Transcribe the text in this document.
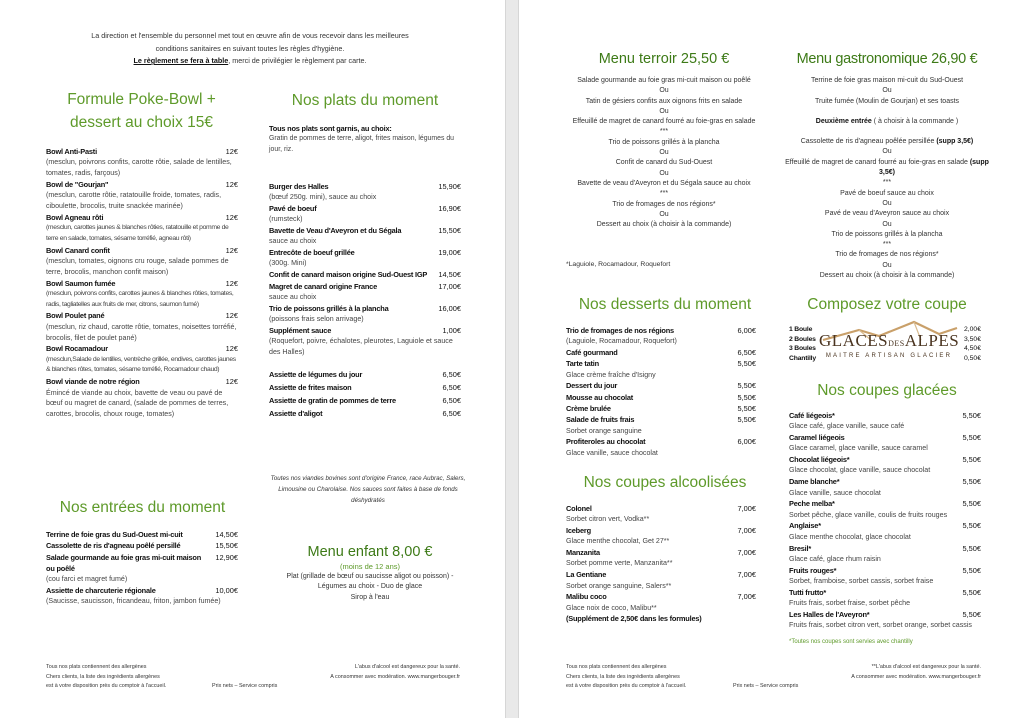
La direction et l'ensemble du personnel met tout en œuvre afin de vous recevoir dans les meilleures
conditions sanitaires en suivant toutes les règles d'hygiène.
Le règlement se fera à table, merci de privilégier le règlement par carte.
Formule Poke-Bowl +
dessert au choix 15€
Bowl Anti-Pasti	12€
(mesclun, poivrons confits, carotte rôtie, salade de lentilles, tomates, radis, farçous)
Bowl de "Gourjan"	12€
(mesclun, carotte rôtie, ratatouille froide, tomates, radis, ciboulette, brocolis, truite snackée marinée)
Bowl Agneau rôti	12€
(mesclun, carottes jaunes & blanches rôties, ratatouille et pomme de terre en salade, tomates, sésame torréfié, agneau rôti)
Bowl Canard confit	12€
(mesclun, tomates, oignons cru rouge, salade pommes de terre, brocolis, manchon confit maison)
Bowl Saumon fumée	12€
(mesclun, poivrons confits, carottes jaunes & blanches rôties, tomates, radis, tagliatelles aux fruits de mer, citrons, saumon fumé)
Bowl Poulet pané	12€
(mesclun, riz chaud, carotte rôtie, tomates, noisettes torréfié, brocolis, filet de poulet pané)
Bowl Rocamadour	12€
(mesclun,Salade de lentilles, ventrèche grillée, endives, carottes jaunes & blanches rôtes, tomates, sésame torréfié, Rocamadour chaud)
Bowl viande de notre région	12€
Émincé de viande au choix, bavette de veau ou pavé de bœuf ou magret de canard, (salade de pommes de terres, carottes, brocolis, choux rouge, tomates)
Nos plats du moment
Tous nos plats sont garnis, au choix:
Gratin de pommes de terre, aligot, frites maison, légumes du jour, riz.
Burger des Halles	15,90€
(bœuf 250g. mini), sauce au choix
Pavé de boeuf	16,90€
(rumsteck)
Bavette de Veau d'Aveyron et du Ségala	15,50€
sauce au choix
Entrecôte de boeuf grillée	19,00€
(300g. Mini)
Confit de canard maison origine Sud-Ouest IGP	14,50€
Magret de canard origine France	17,00€
sauce au choix
Trio de poissons grillés à la plancha	16,00€
(poissons frais selon arrivage)
Supplément sauce	1,00€
(Roquefort, poivre, échalotes, pleurotes, Laguiole et sauce des Halles)
Assiette de légumes du jour	6,50€
Assiette de frites maison	6,50€
Assiette de gratin de pommes de terre	6,50€
Assiette d'aligot	6,50€
Toutes nos viandes bovines sont d'origine France, race Aubrac, Salers, Limousine ou Charolaise. Nos sauces sont faites à base de fonds déshydratés
Nos entrées du moment
Terrine de foie gras du Sud-Ouest mi-cuit	14,50€
Cassolette de ris d'agneau poêlé persillé	15,50€
Salade gourmande au foie gras mi-cuit maison ou poêlé
12,90€
(cou farci et magret fumé)
Assiette de charcuterie régionale	10,00€
(Saucisse, saucisson, fricandeau, friton, jambon fumée)
Menu enfant 8,00 €
(moins de 12 ans)
Plat (grillade de bœuf ou saucisse aligot ou poisson) -
Légumes au choix - Duo de glace
Sirop à l'eau
Tous nos plats contiennent des allergènes
Chers clients, la liste des ingrédients allergènes
est à votre disposition près du comptoir à l'accueil.	Prix nets – Service compris
L'abus d'alcool est dangereux pour la santé.
A consommer avec modération. www.mangerbouger.fr
Menu terroir 25,50 €
Salade gourmande au foie gras mi-cuit maison ou poêlé
Ou
Tatin de gésiers confits aux oignons frits en salade
Ou
Effeuillé de magret de canard fourré au foie-gras en salade
***
Trio de poissons grillés à la plancha
Ou
Confit de canard du Sud-Ouest
Ou
Bavette de veau d'Aveyron et du Ségala sauce au choix
***
Trio de fromages de nos régions*
Ou
Dessert au choix (à choisir à la commande)
*Laguiole, Rocamadour, Roquefort
Menu gastronomique 26,90 €
Terrine de foie gras maison mi-cuit du Sud-Ouest
Ou
Truite fumée (Moulin de Gourjan) et ses toasts
Deuxième entrée ( à choisir à la commande )
Cassolette de ris d'agneau poêlée persillée (supp 3,5€)
Ou
Effeuillé de magret de canard fourré au foie-gras en salade (supp 3,5€)
***
Pavé de boeuf sauce au choix
Ou
Pavé de veau d'Aveyron sauce au choix
Ou
Trio de poissons grillés à la plancha
***
Trio de fromages de nos régions*
Ou
Dessert au choix (à choisir à la commande)
Nos desserts du moment
Trio de fromages de nos régions	6,00€
(Laguiole, Rocamadour, Roquefort)
Café gourmand	6,50€
Tarte tatin	5,50€
Glace crème fraîche d'Isigny
Dessert du jour	5,50€
Mousse au chocolat	5,50€
Crème brulée	5,50€
Salade de fruits frais	5,50€
Sorbet orange sanguine
Profiteroles au chocolat	6,00€
Glace vanille, sauce chocolat
Nos coupes alcoolisées
Colonel	7,00€
Sorbet citron vert, Vodka**
Iceberg	7,00€
Glace menthe chocolat, Get 27**
Manzanita	7,00€
Sorbet pomme verte, Manzanita**
La Gentiane	7,00€
Sorbet orange sanguine, Salers**
Malibu coco	7,00€
Glace noix de coco, Malibu**
(Supplément de 2,50€ dans les formules)
Composez votre coupe
1 Boule	2,00€
2 Boules	3,50€
3 Boules	4,50€
Chantilly	0,50€
GLACESDESALPES
MAITRE ARTISAN GLACIER
Nos coupes glacées
Café liégeois*	5,50€
Glace café, glace vanille, sauce café
Caramel liégeois	5,50€
Glace caramel, glace vanille, sauce caramel
Chocolat liégeois*	5,50€
Glace chocolat, glace vanille, sauce chocolat
Dame blanche*	5,50€
Glace vanille, sauce chocolat
Peche melba*	5,50€
Sorbet pêche, glace vanille, coulis de fruits rouges
Anglaise*	5,50€
Glace menthe chocolat, glace chocolat
Bresil*	5,50€
Glace café, glace rhum raisin
Fruits rouges*	5,50€
Sorbet, framboise, sorbet cassis, sorbet fraise
Tutti frutto*	5,50€
Fruits frais, sorbet fraise, sorbet pêche
Les Halles de l'Aveyron*	5,50€
Fruits frais, sorbet citron vert, sorbet orange, sorbet cassis
*Toutes nos coupes sont servies avec chantilly
Tous nos plats contiennent des allergènes
Chers clients, la liste des ingrédients allergènes
est à votre disposition près du comptoir à l'accueil.	Prix nets – Service compris
**L'abus d'alcool est dangereux pour la santé.
A consommer avec modération. www.mangerbouger.fr
